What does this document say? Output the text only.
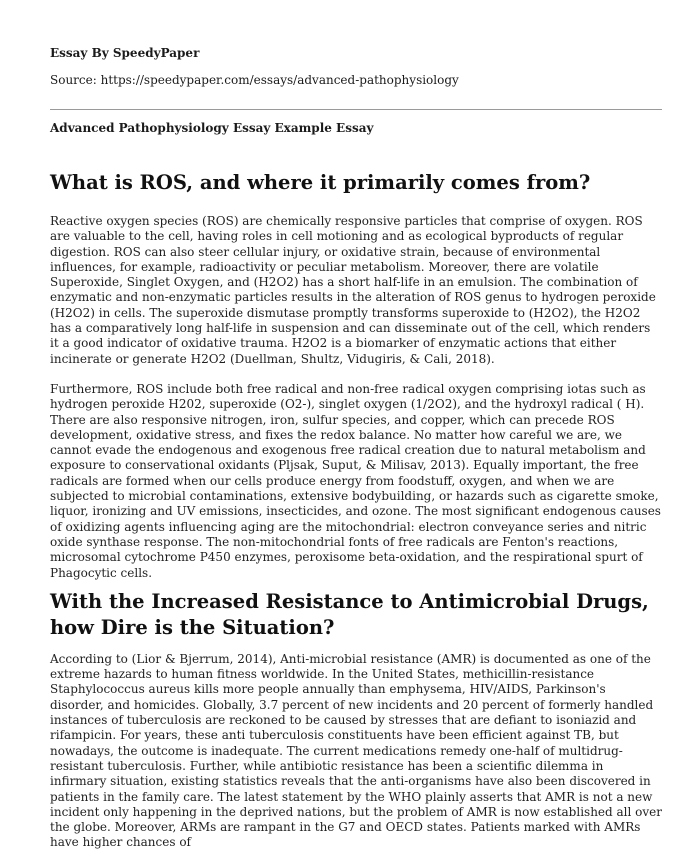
Essay By SpeedyPaper
Source: https://speedypaper.com/essays/advanced-pathophysiology
Advanced Pathophysiology Essay Example Essay
What is ROS, and where it primarily comes from?

Reactive oxygen species (ROS) are chemically responsive particles that comprise of oxygen. ROS are valuable to the cell, having roles in cell motioning and as ecological byproducts of regular digestion. ROS can also steer cellular injury, or oxidative strain, because of environmental influences, for example, radioactivity or peculiar metabolism. Moreover, there are volatile Superoxide, Singlet Oxygen, and (H2O2) has a short half-life in an emulsion. The combination of enzymatic and non-enzymatic particles results in the alteration of ROS genus to hydrogen peroxide (H2O2) in cells. The superoxide dismutase promptly transforms superoxide to (H2O2), the H2O2 has a comparatively long half-life in suspension and can disseminate out of the cell, which renders it a good indicator of oxidative trauma. H2O2 is a biomarker of enzymatic actions that either incinerate or generate H2O2 (Duellman, Shultz, Vidugiris, & Cali, 2018).

Furthermore, ROS include both free radical and non-free radical oxygen comprising iotas such as hydrogen peroxide H202, superoxide (O2-), singlet oxygen (1/2O2), and the hydroxyl radical ( H). There are also responsive nitrogen, iron, sulfur species, and copper, which can precede ROS development, oxidative stress, and fixes the redox balance. No matter how careful we are, we cannot evade the endogenous and exogenous free radical creation due to natural metabolism and exposure to conservational oxidants (Pljsak, Suput, & Milisav, 2013). Equally important, the free radicals are formed when our cells produce energy from foodstuff, oxygen, and when we are subjected to microbial contaminations, extensive bodybuilding, or hazards such as cigarette smoke, liquor, ironizing and UV emissions, insecticides, and ozone. The most significant endogenous causes of oxidizing agents influencing aging are the mitochondrial: electron conveyance series and nitric oxide synthase response. The non-mitochondrial fonts of free radicals are Fenton's reactions, microsomal cytochrome P450 enzymes, peroxisome beta-oxidation, and the respirational spurt of Phagocytic cells.

With the Increased Resistance to Antimicrobial Drugs, how Dire is the Situation?

According to (Lior & Bjerrum, 2014), Anti-microbial resistance (AMR) is documented as one of the extreme hazards to human fitness worldwide. In the United States, methicillin-resistance Staphylococcus aureus kills more people annually than emphysema, HIV/AIDS, Parkinson's disorder, and homicides. Globally, 3.7 percent of new incidents and 20 percent of formerly handled instances of tuberculosis are reckoned to be caused by stresses that are defiant to isoniazid and rifampicin. For years, these anti tuberculosis constituents have been efficient against TB, but nowadays, the outcome is inadequate. The current medications remedy one-half of multidrug-resistant tuberculosis. Further, while antibiotic resistance has been a scientific dilemma in infirmary situation, existing statistics reveals that the anti-organisms have also been discovered in patients in the family care. The latest statement by the WHO plainly asserts that AMR is not a new incident only happening in the deprived nations, but the problem of AMR is now established all over the globe. Moreover, ARMs are rampant in the G7 and OECD states. Patients marked with AMRs have higher chances of
